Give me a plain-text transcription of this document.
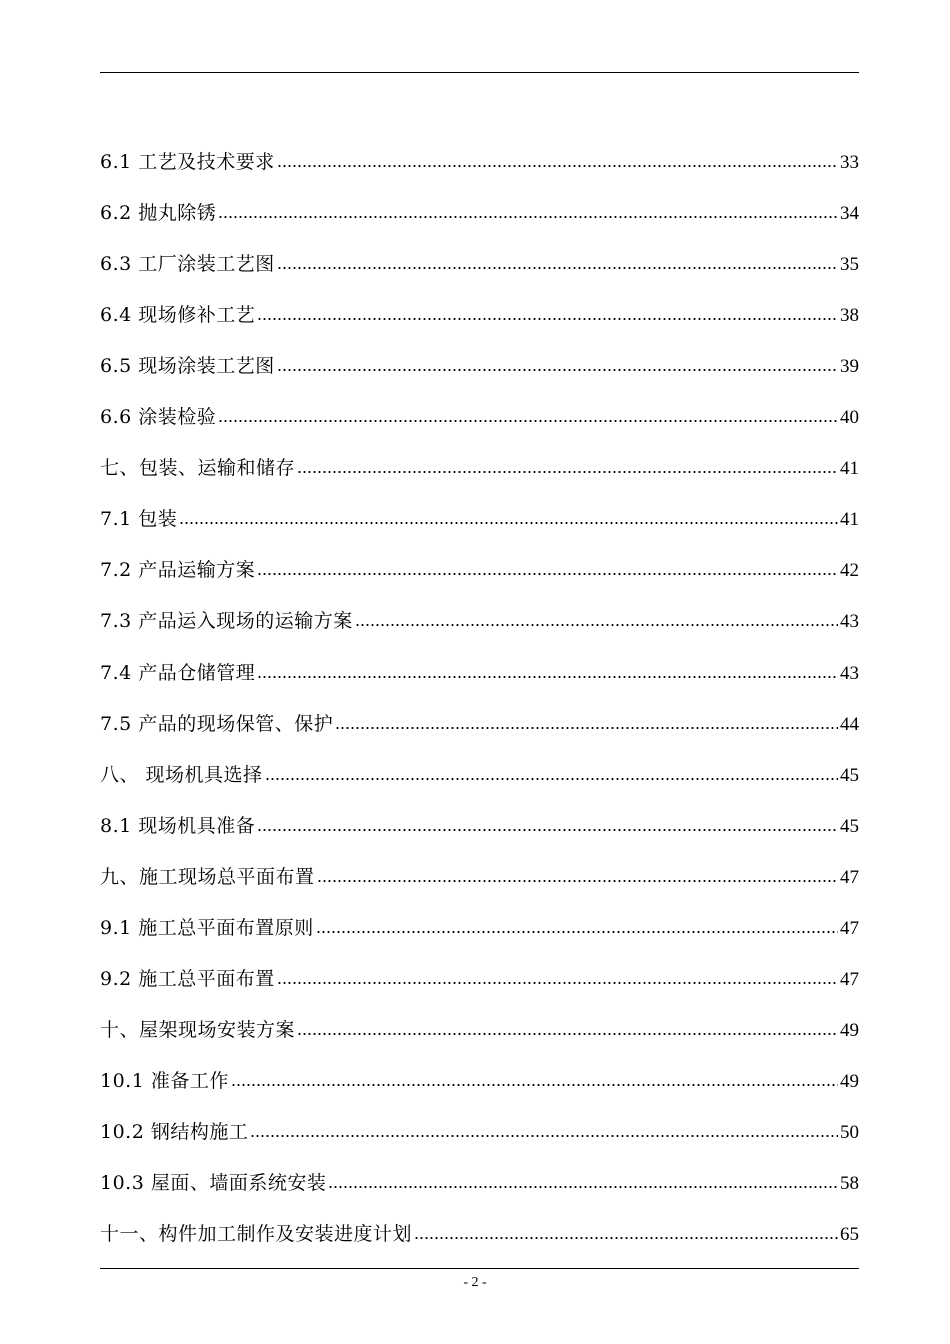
6.1 工艺及技术要求	33
6.2 抛丸除锈	34
6.3 工厂涂装工艺图	35
6.4 现场修补工艺	38
6.5 现场涂装工艺图	39
6.6 涂装检验	40
七、包装、运输和储存	41
7.1 包装	41
7.2 产品运输方案	42
7.3 产品运入现场的运输方案	43
7.4 产品仓储管理	43
7.5 产品的现场保管、保护	44
八、 现场机具选择	45
8.1 现场机具准备	45
九、施工现场总平面布置	47
9.1 施工总平面布置原则	47
9.2 施工总平面布置	47
十、屋架现场安装方案	49
10.1 准备工作	49
10.2 钢结构施工	50
10.3 屋面、墙面系统安装	58
十一、构件加工制作及安装进度计划	65
- 2 -
